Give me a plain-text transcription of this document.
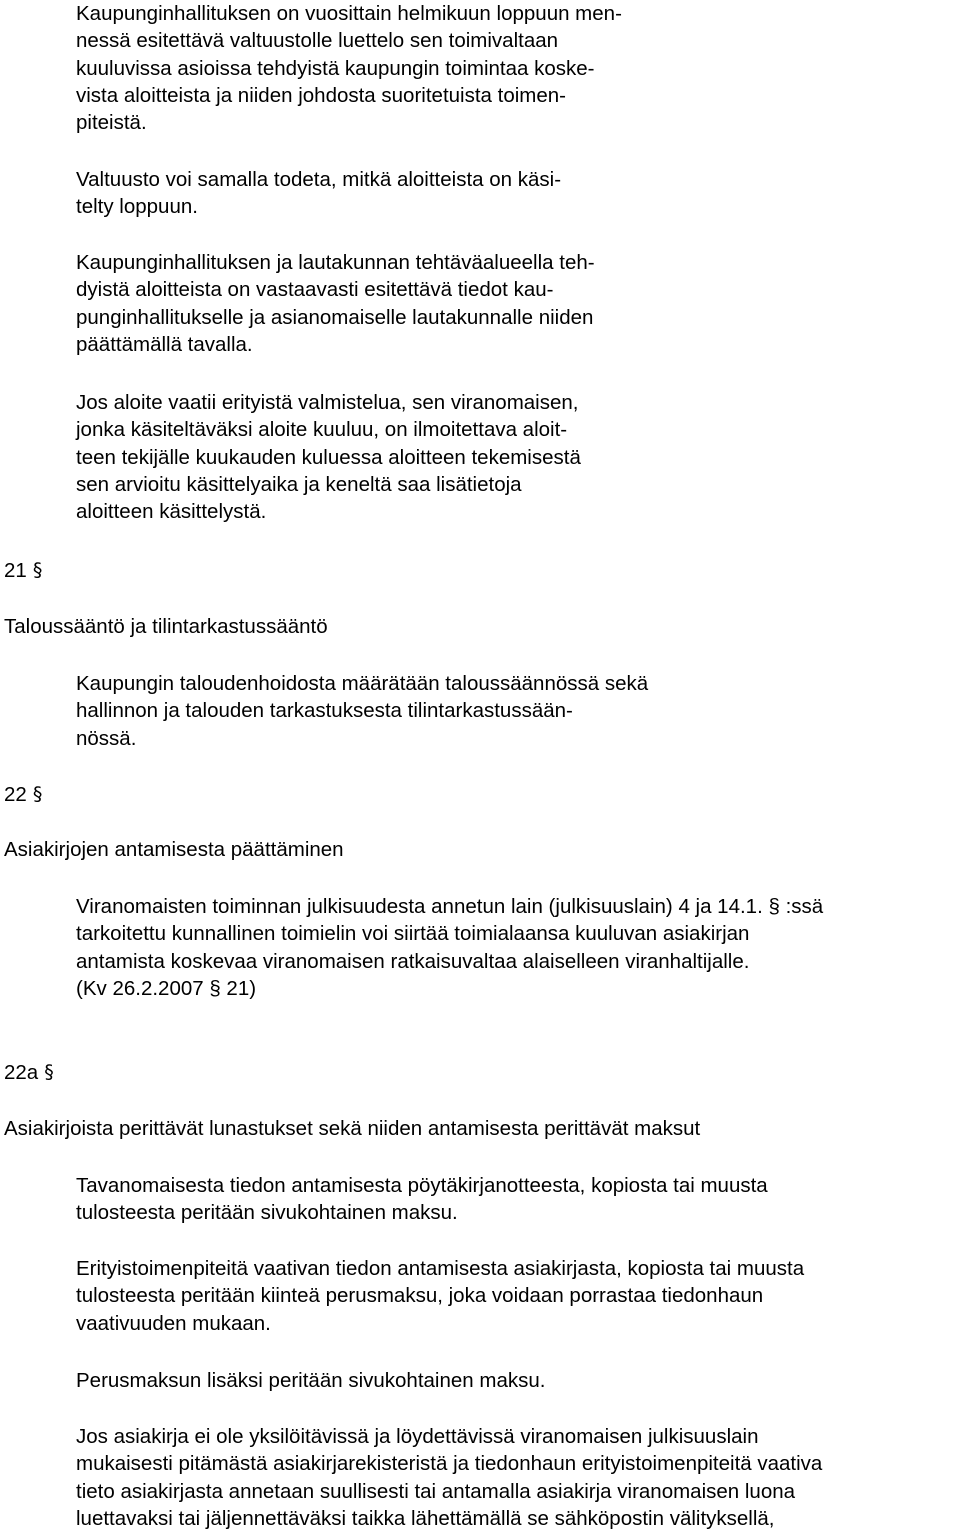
Kaupunginhallituksen on vuosittain helmikuun loppuun men-
nessä esitettävä valtuustolle luettelo sen toimivaltaan
kuuluvissa asioissa tehdyistä kaupungin toimintaa koske-
vista aloitteista ja niiden johdosta suoritetuista toimen-
piteistä.
Valtuusto voi samalla todeta, mitkä aloitteista on käsi-
telty loppuun.
Kaupunginhallituksen ja lautakunnan tehtäväalueella teh-
dyistä aloitteista on vastaavasti esitettävä tiedot kau-
punginhallitukselle ja asianomaiselle lautakunnalle niiden
päättämällä tavalla.
Jos aloite vaatii erityistä valmistelua, sen viranomaisen,
jonka käsiteltäväksi aloite kuuluu, on ilmoitettava aloit-
teen tekijälle kuukauden kuluessa aloitteen tekemisestä
sen arvioitu käsittelyaika ja keneltä saa lisätietoja
aloitteen käsittelystä.
21 §
Taloussääntö ja tilintarkastussääntö
Kaupungin taloudenhoidosta määrätään taloussäännössä sekä
hallinnon ja talouden tarkastuksesta tilintarkastussään-
nössä.
22 §
Asiakirjojen antamisesta päättäminen
Viranomaisten toiminnan julkisuudesta annetun lain (julkisuuslain) 4 ja 14.1. § :ssä
tarkoitettu kunnallinen toimielin voi siirtää toimialaansa kuuluvan asiakirjan
antamista koskevaa viranomaisen ratkaisuvaltaa alaiselleen viranhaltijalle.
(Kv 26.2.2007 § 21)
22a §
Asiakirjoista perittävät lunastukset sekä niiden antamisesta perittävät maksut
Tavanomaisesta tiedon antamisesta pöytäkirjanotteesta, kopiosta tai muusta
tulosteesta peritään sivukohtainen maksu.
Erityistoimenpiteitä vaativan tiedon antamisesta asiakirjasta, kopiosta tai muusta
tulosteesta peritään kiinteä perusmaksu, joka voidaan porrastaa tiedonhaun
vaativuuden mukaan.
Perusmaksun lisäksi peritään sivukohtainen maksu.
Jos asiakirja ei ole yksilöitävissä ja löydettävissä viranomaisen julkisuuslain
mukaisesti pitämästä asiakirjarekisteristä ja tiedonhaun erityistoimenpiteitä vaativa
tieto asiakirjasta annetaan suullisesti tai antamalla asiakirja viranomaisen luona
luettavaksi tai jäljennettäväksi taikka lähettämällä se sähköpostin välityksellä,
